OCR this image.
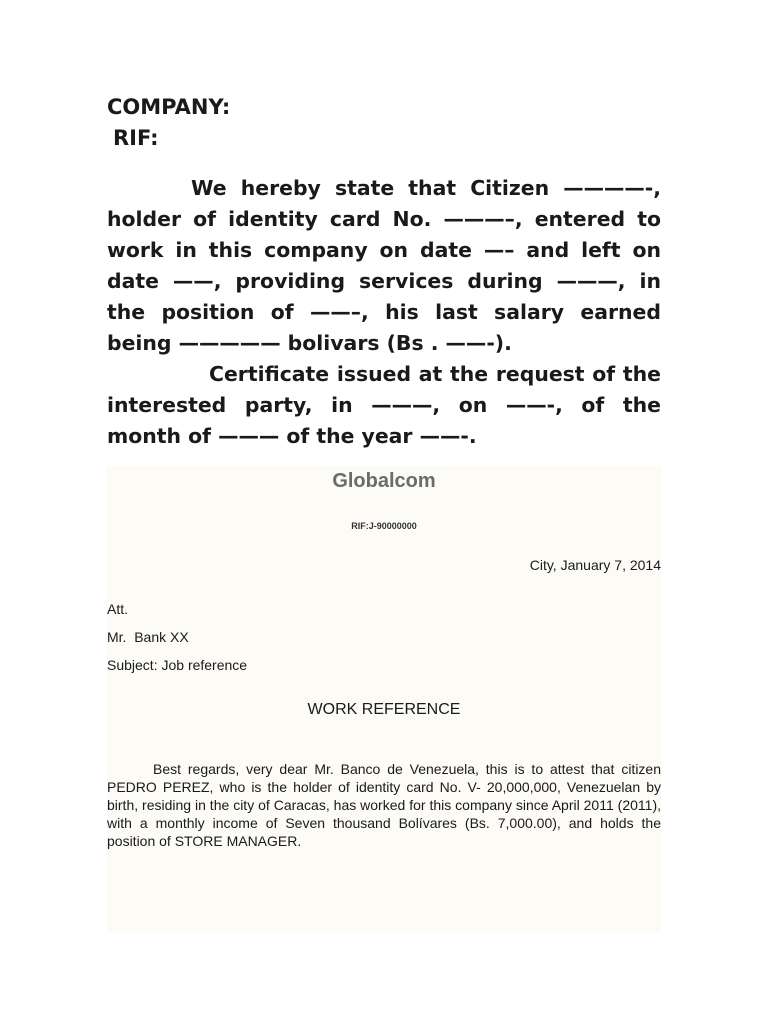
COMPANY:
RIF:

We hereby state that Citizen ————-, holder of identity card No. ———–, entered to work in this company on date —– and left on date ——, providing services during ———, in the position of ——–, his last salary earned being ————— bolivars (Bs . ——-).

Certificate issued at the request of the interested party, in ———, on ——-, of the month of ——— of the year ——-.

Globalcom
RIF:J-90000000
City, January 7, 2014
Att.
Mr.  Bank XX
Subject: Job reference
WORK REFERENCE

Best regards, very dear Mr. Banco de Venezuela, this is to attest that citizen PEDRO PEREZ, who is the holder of identity card No. V- 20,000,000, Venezuelan by birth, residing in the city of Caracas, has worked for this company since April 2011 (2011), with a monthly income of Seven thousand Bolívares (Bs. 7,000.00), and holds the position of STORE MANAGER.
